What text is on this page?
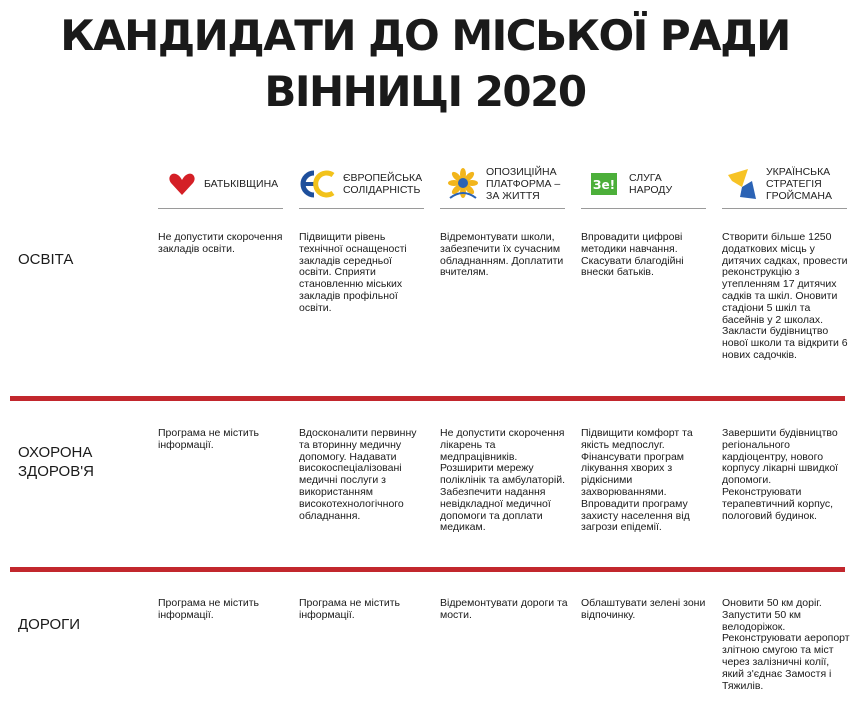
КАНДИДАТИ ДО МІСЬКОЇ РАДИ
ВІННИЦІ 2020
БАТЬКІВЩИНА	ЄВРОПЕЙСЬКА СОЛІДАРНІСТЬ
ОПОЗИЦІЙНА ПЛАТФОРМА – ЗА ЖИТТЯ
Зе! СЛУГА НАРОДУ
УКРАЇНСЬКА СТРАТЕГІЯ ГРОЙСМАНА
ОСВІТА
Не допустити скорочення закладів освіти.
Підвищити рівень технічної оснащеності закладів середньої освіти. Сприяти становленню міських закладів профільної освіти.
Відремонтувати школи, забезпечити їх сучасним обладнанням. Доплатити вчителям.
Впровадити цифрові методики навчання. Скасувати благодійні внески батьків.
Створити більше 1250 додаткових місць у дитячих садках, провести реконструкцію з утепленням 17 дитячих садків та шкіл. Оновити стадіони 5 шкіл та басейнів у 2 школах. Закласти будівництво нової школи та відкрити 6 нових садочків.
ОХОРОНА ЗДОРОВ'Я
Програма не містить інформації.
Вдосконалити первинну та вторинну медичну допомогу. Надавати високоспеціалізовані медичні послуги з використанням високотехнологічного обладнання.
Не допустити скорочення лікарень та медпрацівників. Розширити мережу поліклінік та амбулаторій. Забезпечити надання невідкладної медичної допомоги та доплати медикам.
Підвищити комфорт та якість медпослуг. Фінансувати програм лікування хворих з рідкісними захворюваннями. Впровадити програму захисту населення від загрози епідемії.
Завершити будівництво регіонального кардіоцентру, нового корпусу лікарні швидкої допомоги. Реконструювати терапевтичний корпус, пологовий будинок.
ДОРОГИ
Програма не містить інформації.
Програма не містить інформації.
Відремонтувати дороги та мости.
Облаштувати зелені зони відпочинку.
Оновити 50 км доріг. Запустити 50 км велодоріжок. Реконструювати аеропорт злітною смугою та міст через залізничні колії, який з'єднає Замостя і Тяжилів.
